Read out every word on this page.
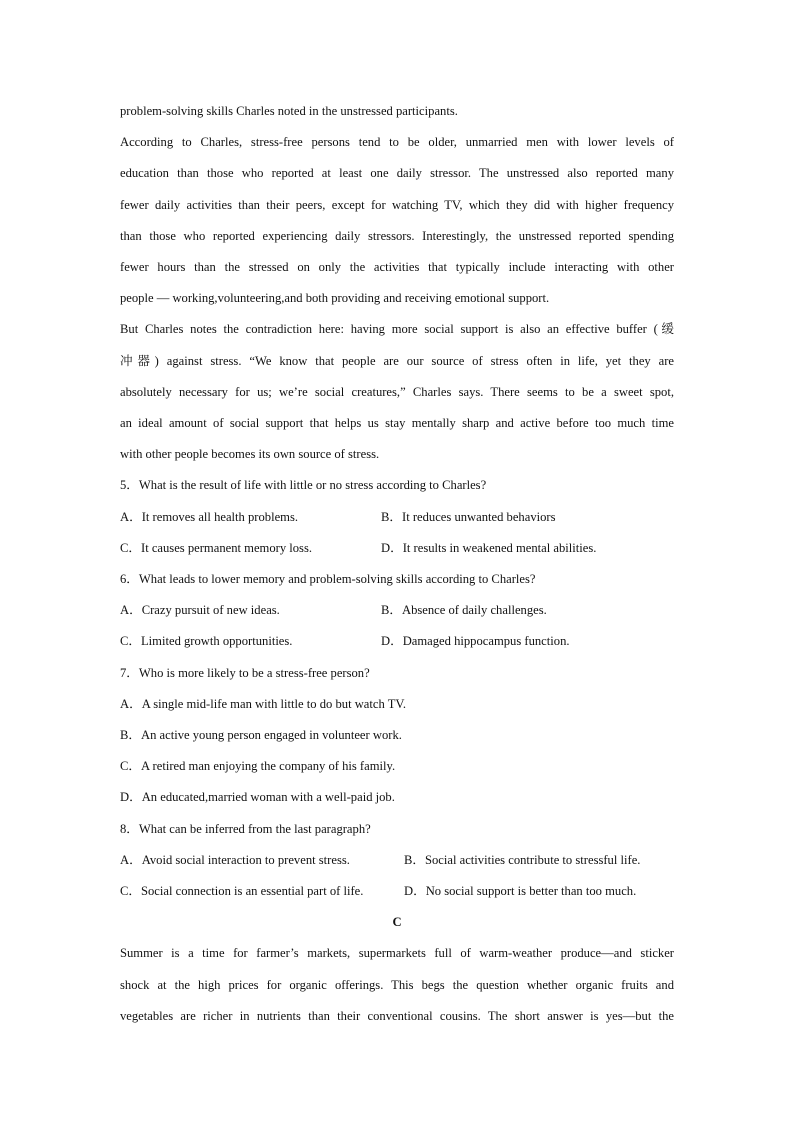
problem-solving skills Charles noted in the unstressed participants.
According to Charles, stress-free persons tend to be older, unmarried men with lower levels of
education than those who reported at least one daily stressor. The unstressed also reported many
fewer daily activities than their peers, except for watching TV, which they did with higher frequency
than those who reported experiencing daily stressors. Interestingly, the unstressed reported spending
fewer hours than the stressed on only the activities that typically include interacting with other
people — working,volunteering,and both providing and receiving emotional support.
But Charles notes the contradiction here: having more social support is also an effective buffer (缓
冲器) against stress. “We know that people are our source of stress often in life, yet they are
absolutely necessary for us; we’re social creatures,” Charles says. There seems to be a sweet spot,
an ideal amount of social support that helps us stay mentally sharp and active before too much time
with other people becomes its own source of stress.
5．What is the result of life with little or no stress according to Charles?
A．It removes all health problems.	B．It reduces unwanted behaviors
C．It causes permanent memory loss.	D．It results in weakened mental abilities.
6．What leads to lower memory and problem-solving skills according to Charles?
A．Crazy pursuit of new ideas.	B．Absence of daily challenges.
C．Limited growth opportunities.	D．Damaged hippocampus function.
7．Who is more likely to be a stress-free person?
A．A single mid-life man with little to do but watch TV.
B．An active young person engaged in volunteer work.
C．A retired man enjoying the company of his family.
D．An educated,married woman with a well-paid job.
8．What can be inferred from the last paragraph?
A．Avoid social interaction to prevent stress.	B．Social activities contribute to stressful life.
C．Social connection is an essential part of life.	D．No social support is better than too much.
C
Summer is a time for farmer’s markets, supermarkets full of warm-weather produce—and sticker
shock at the high prices for organic offerings. This begs the question whether organic fruits and
vegetables are richer in nutrients than their conventional cousins. The short answer is yes—but the
